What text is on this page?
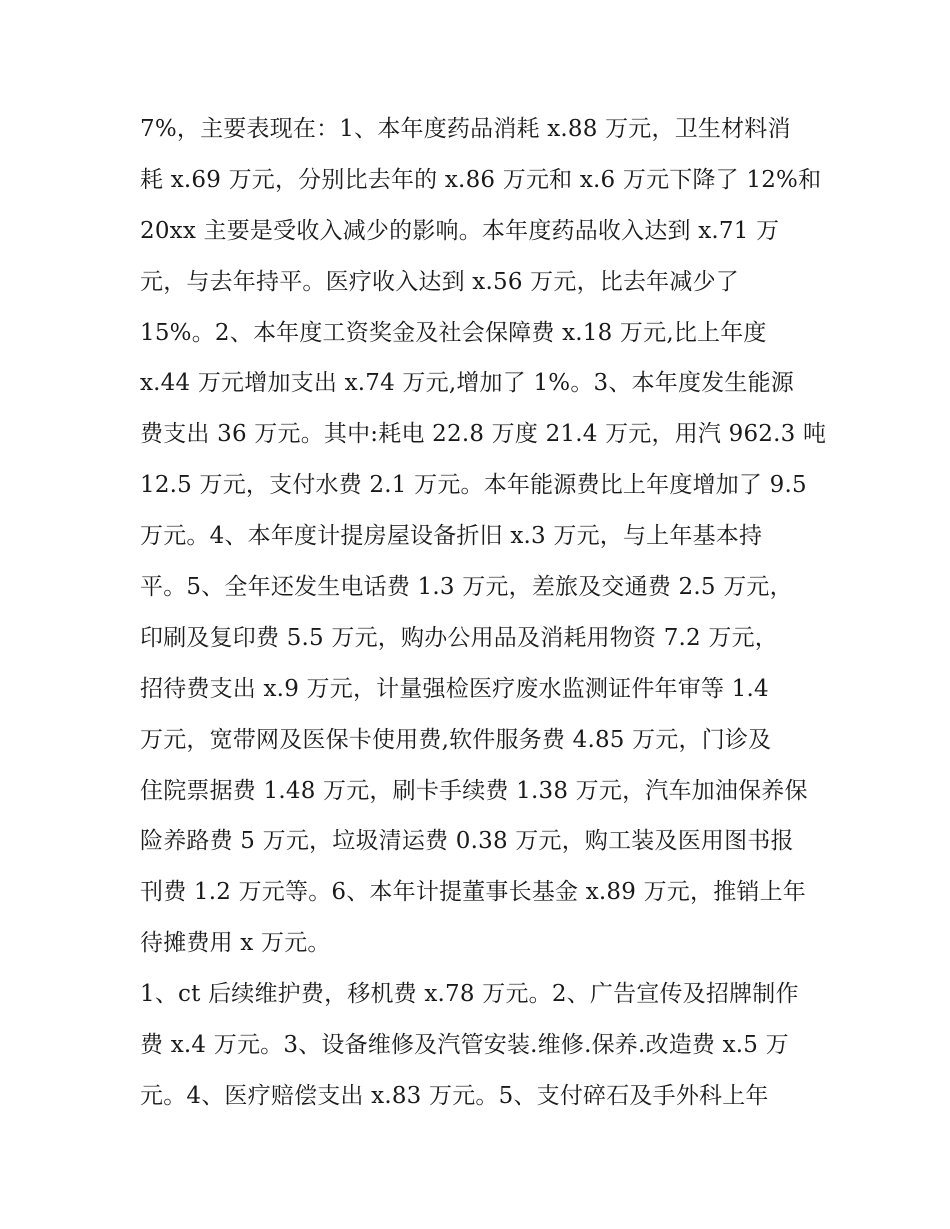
7%，主要表现在：1、本年度药品消耗 x.88 万元，卫生材料消
耗 x.69 万元，分别比去年的 x.86 万元和 x.6 万元下降了 12%和
20xx 主要是受收入减少的影响。本年度药品收入达到 x.71 万
元，与去年持平。医疗收入达到 x.56 万元，比去年减少了
15%。2、本年度工资奖金及社会保障费 x.18 万元,比上年度
x.44 万元增加支出 x.74 万元,增加了 1%。3、本年度发生能源
费支出 36 万元。其中:耗电 22.8 万度 21.4 万元，用汽 962.3 吨
12.5 万元，支付水费 2.1 万元。本年能源费比上年度增加了 9.5
万元。4、本年度计提房屋设备折旧 x.3 万元，与上年基本持
平。5、全年还发生电话费 1.3 万元，差旅及交通费 2.5 万元，
印刷及复印费 5.5 万元，购办公用品及消耗用物资 7.2 万元，
招待费支出 x.9 万元，计量强检医疗废水监测证件年审等 1.4
万元，宽带网及医保卡使用费,软件服务费 4.85 万元，门诊及
住院票据费 1.48 万元，刷卡手续费 1.38 万元，汽车加油保养保
险养路费 5 万元，垃圾清运费 0.38 万元，购工装及医用图书报
刊费 1.2 万元等。6、本年计提董事长基金 x.89 万元，推销上年
待摊费用 x 万元。
1、ct 后续维护费，移机费 x.78 万元。2、广告宣传及招牌制作
费 x.4 万元。3、设备维修及汽管安装.维修.保养.改造费 x.5 万
元。4、医疗赔偿支出 x.83 万元。5、支付碎石及手外科上年
